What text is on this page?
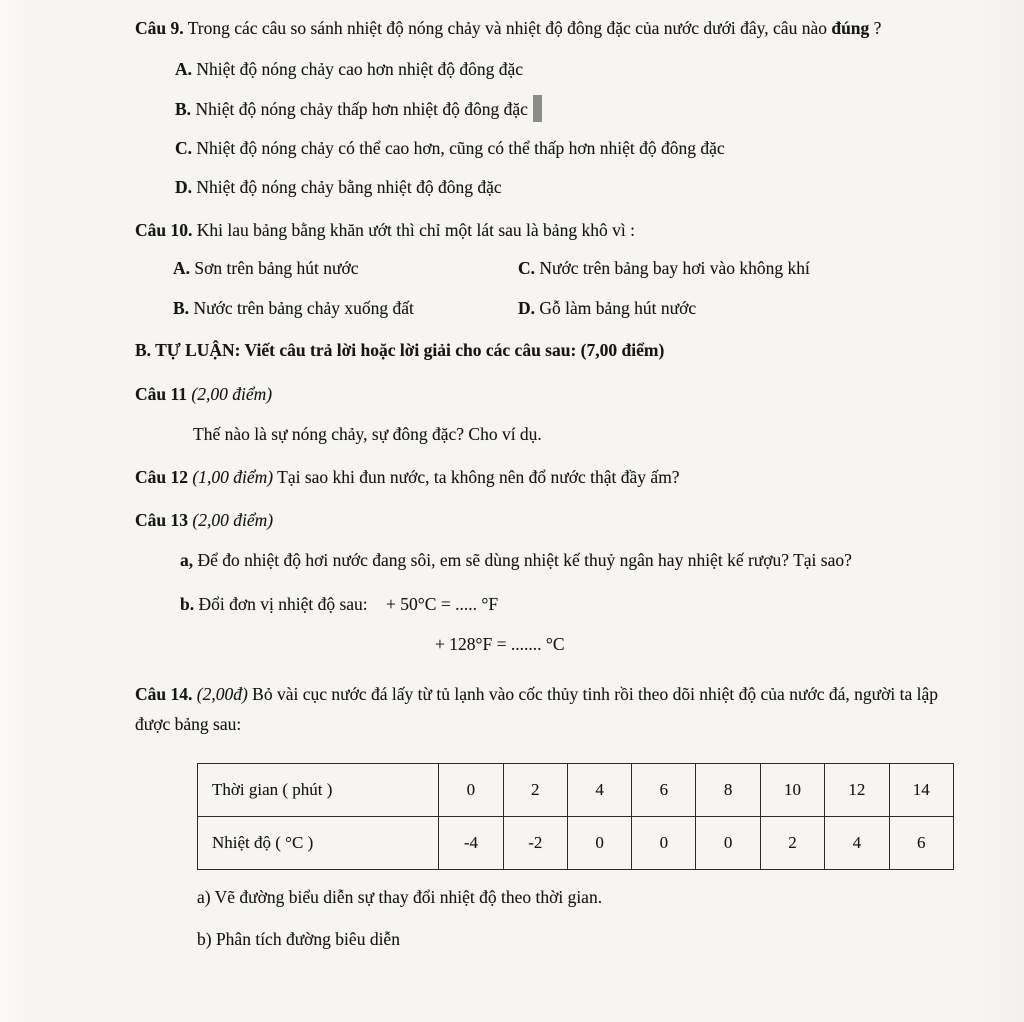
Câu 9. Trong các câu so sánh nhiệt độ nóng chảy và nhiệt độ đông đặc của nước dưới đây, câu nào đúng ?

A. Nhiệt độ nóng chảy cao hơn nhiệt độ đông đặc

B. Nhiệt độ nóng chảy thấp hơn nhiệt độ đông đặc

C. Nhiệt độ nóng chảy có thể cao hơn, cũng có thể thấp hơn nhiệt độ đông đặc

D. Nhiệt độ nóng chảy bằng nhiệt độ đông đặc

Câu 10. Khi lau bảng bằng khăn ướt thì chỉ một lát sau là bảng khô vì :

A. Sơn trên bảng hút nước	C. Nước trên bảng bay hơi vào không khí

B. Nước trên bảng chảy xuống đất	D. Gỗ làm bảng hút nước

B. TỰ LUẬN: Viết câu trả lời hoặc lời giải cho các câu sau: (7,00 điểm)

Câu 11 (2,00 điểm)

Thế nào là sự nóng chảy, sự đông đặc? Cho ví dụ.

Câu 12 (1,00 điểm) Tại sao khi đun nước, ta không nên đổ nước thật đầy ấm?

Câu 13 (2,00 điểm)

a, Để đo nhiệt độ hơi nước đang sôi, em sẽ dùng nhiệt kế thuỷ ngân hay nhiệt kế rượu? Tại sao?

b. Đổi đơn vị nhiệt độ sau: + 50°C = ..... °F

+ 128°F = ....... °C

Câu 14. (2,00đ) Bỏ vài cục nước đá lấy từ tủ lạnh vào cốc thủy tinh rồi theo dõi nhiệt độ của nước đá, người ta lập được bảng sau:

Thời gian ( phút )	0	2	4	6	8	10	12	14
Nhiệt độ ( °C )	-4	-2	0	0	0	2	4	6

a) Vẽ đường biểu diễn sự thay đổi nhiệt độ theo thời gian.

b) Phân tích đường biêu diễn
